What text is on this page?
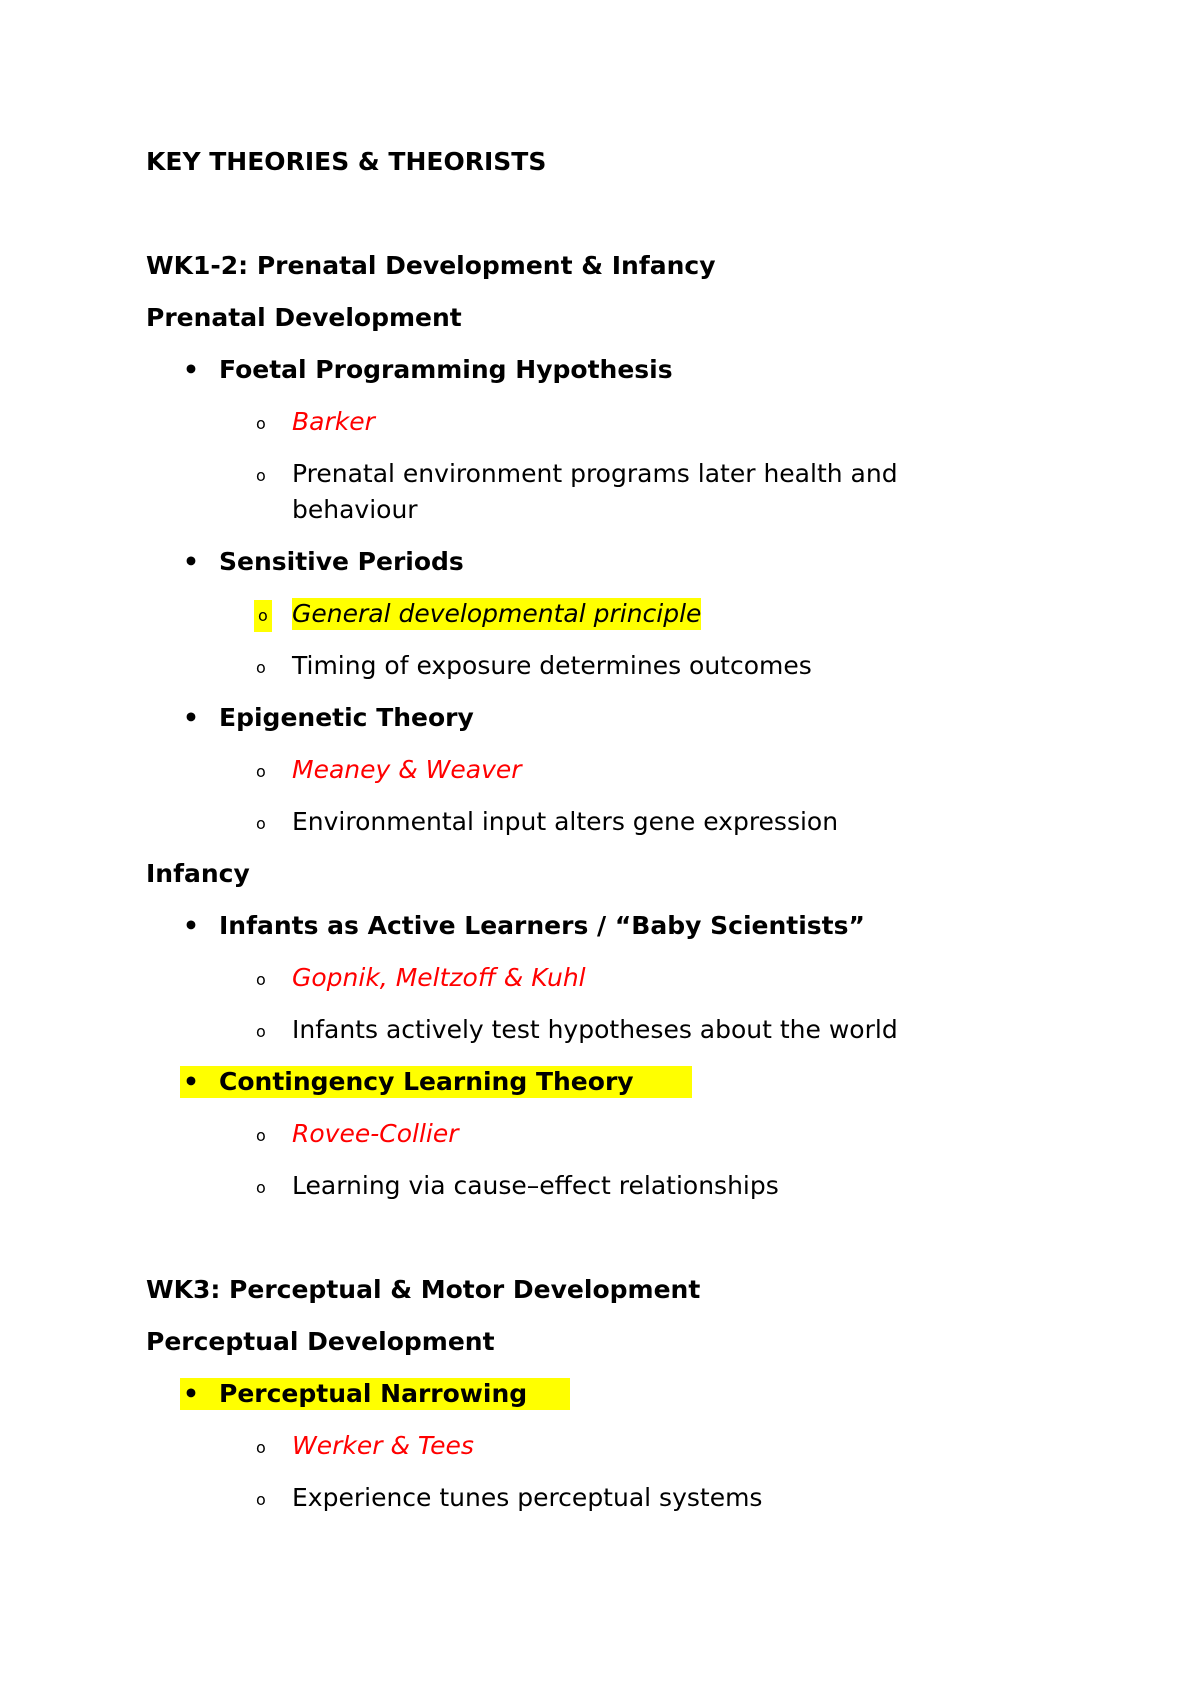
KEY THEORIES & THEORISTS
WK1-2: Prenatal Development & Infancy
Prenatal Development
• Foetal Programming Hypothesis
o Barker
o Prenatal environment programs later health and
behaviour
• Sensitive Periods
o General developmental principle
o Timing of exposure determines outcomes
• Epigenetic Theory
o Meaney & Weaver
o Environmental input alters gene expression
Infancy
• Infants as Active Learners / “Baby Scientists”
o Gopnik, Meltzoff & Kuhl
o Infants actively test hypotheses about the world
• Contingency Learning Theory
o Rovee-Collier
o Learning via cause–effect relationships
WK3: Perceptual & Motor Development
Perceptual Development
• Perceptual Narrowing
o Werker & Tees
o Experience tunes perceptual systems
